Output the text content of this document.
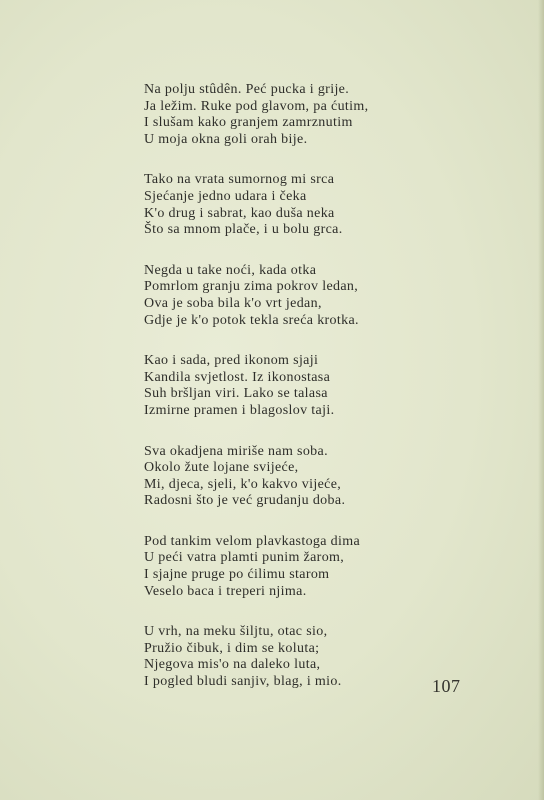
Na polju stûdên. Peć pucka i grije.
Ja ležim. Ruke pod glavom, pa ćutim,
I slušam kako granjem zamrznutim
U moja okna goli orah bije.
Tako na vrata sumornog mi srca
Sjećanje jedno udara i čeka
K'o drug i sabrat, kao duša neka
Što sa mnom plače, i u bolu grca.
Negda u take noći, kada otka
Pomrlom granju zima pokrov ledan,
Ova je soba bila k'o vrt jedan,
Gdje je k'o potok tekla sreća krotka.
Kao i sada, pred ikonom sjaji
Kandila svjetlost. Iz ikonostasa
Suh bršljan viri. Lako se talasa
Izmirne pramen i blagoslov taji.
Sva okadjena miriše nam soba.
Okolo žute lojane svijeće,
Mi, djeca, sjeli, k'o kakvo vijeće,
Radosni što je već grudanju doba.
Pod tankim velom plavkastoga dima
U peći vatra plamti punim žarom,
I sjajne pruge po ćilimu starom
Veselo baca i treperi njima.
U vrh, na meku šiljtu, otac sio,
Pružio čibuk, i dim se koluta;
Njegova mis'o na daleko luta,
I pogled bludi sanjiv, blag, i mio.	107
